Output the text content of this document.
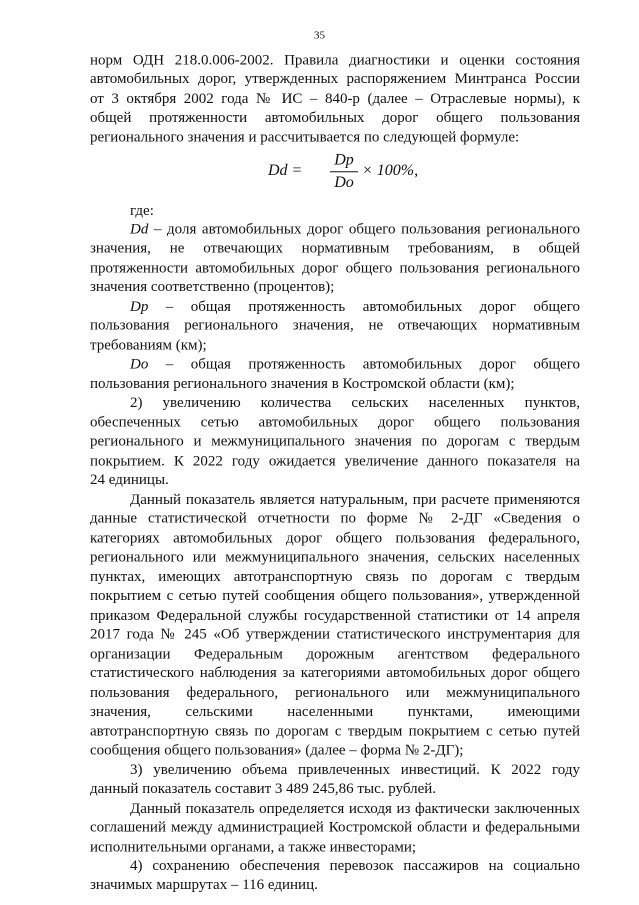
35
норм ОДН 218.0.006-2002. Правила диагностики и оценки состояния
автомобильных дорог, утвержденных распоряжением Минтранса России
от 3 октября 2002 года № ИС – 840-р (далее – Отраслевые нормы), к
общей протяженности автомобильных дорог общего пользования
регионального значения и рассчитывается по следующей формуле:
Dd =
Dp
Do
× 100%,
где:
Dd – доля автомобильных дорог общего пользования регионального
значения, не отвечающих нормативным требованиям, в общей
протяженности автомобильных дорог общего пользования регионального
значения соответственно (процентов);
Dp – общая протяженность автомобильных дорог общего
пользования регионального значения, не отвечающих нормативным
требованиям (км);
Do – общая протяженность автомобильных дорог общего
пользования регионального значения в Костромской области (км);
2) увеличению количества сельских населенных пунктов,
обеспеченных сетью автомобильных дорог общего пользования
регионального и межмуниципального значения по дорогам с твердым
покрытием. К 2022 году ожидается увеличение данного показателя на
24 единицы.
Данный показатель является натуральным, при расчете применяются
данные статистической отчетности по форме № 2-ДГ «Сведения о
категориях автомобильных дорог общего пользования федерального,
регионального или межмуниципального значения, сельских населенных
пунктах, имеющих автотранспортную связь по дорогам с твердым
покрытием с сетью путей сообщения общего пользования», утвержденной
приказом Федеральной службы государственной статистики от 14 апреля
2017 года № 245 «Об утверждении статистического инструментария для
организации Федеральным дорожным агентством федерального
статистического наблюдения за категориями автомобильных дорог общего
пользования федерального, регионального или межмуниципального
значения, сельскими населенными пунктами, имеющими
автотранспортную связь по дорогам с твердым покрытием с сетью путей
сообщения общего пользования» (далее – форма № 2-ДГ);
3) увеличению объема привлеченных инвестиций. К 2022 году
данный показатель составит 3 489 245,86 тыс. рублей.
Данный показатель определяется исходя из фактически заключенных
соглашений между администрацией Костромской области и федеральными
исполнительными органами, а также инвесторами;
4) сохранению обеспечения перевозок пассажиров на социально
значимых маршрутах – 116 единиц.
